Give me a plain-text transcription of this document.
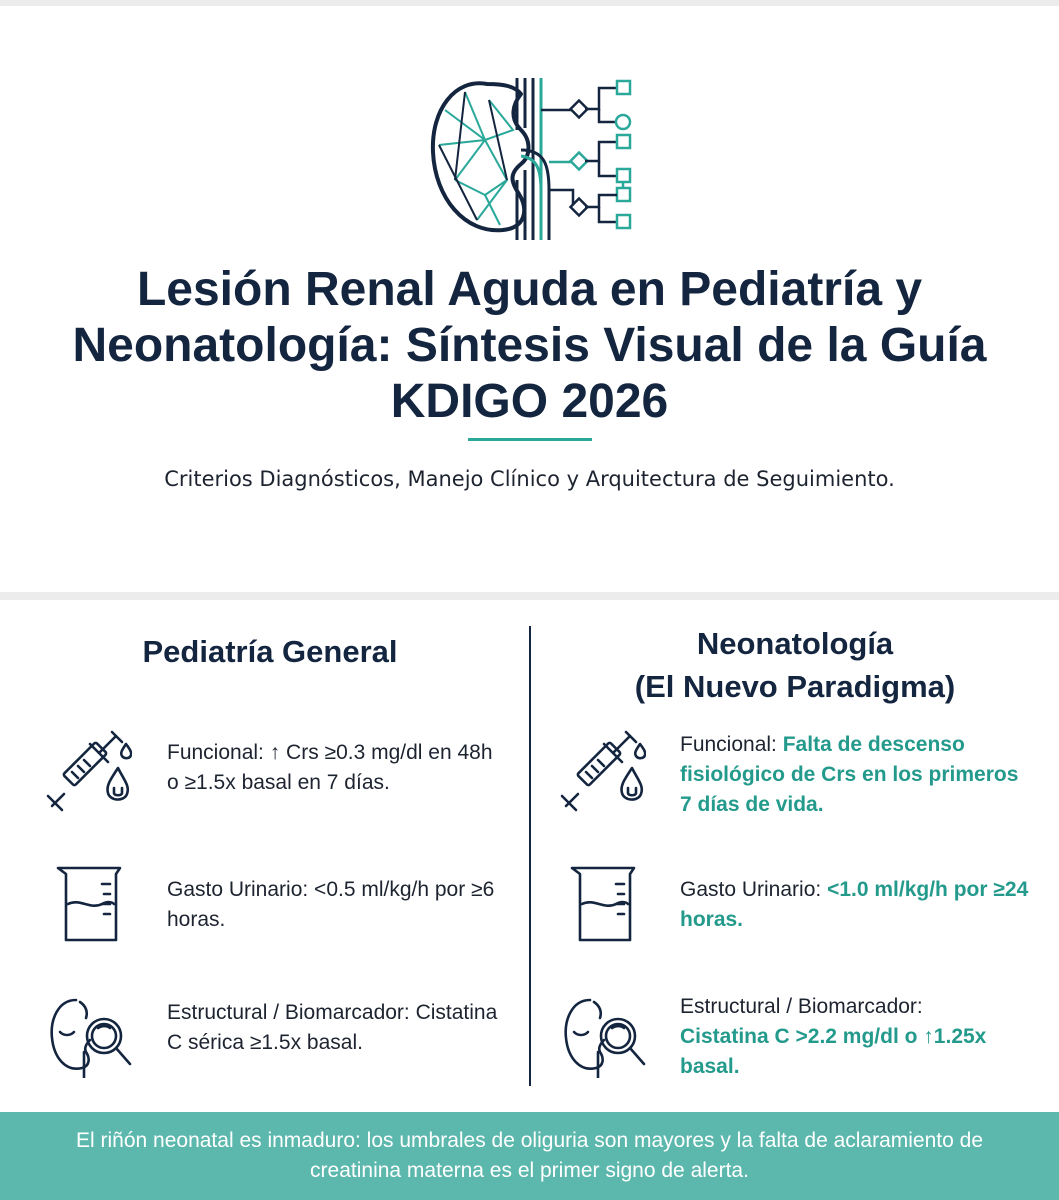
Lesión Renal Aguda en Pediatría y Neonatología: Síntesis Visual de la Guía KDIGO 2026

Criterios Diagnósticos, Manejo Clínico y Arquitectura de Seguimiento.

Pediatría General

Funcional: ↑ Crs ≥0.3 mg/dl en 48h o ≥1.5x basal en 7 días.

Gasto Urinario: <0.5 ml/kg/h por ≥6 horas.

Estructural / Biomarcador: Cistatina C sérica ≥1.5x basal.

Neonatología
(El Nuevo Paradigma)

Funcional: Falta de descenso fisiológico de Crs en los primeros 7 días de vida.

Gasto Urinario: <1.0 ml/kg/h por ≥24 horas.

Estructural / Biomarcador: Cistatina C >2.2 mg/dl o ↑1.25x basal.

El riñón neonatal es inmaduro: los umbrales de oliguria son mayores y la falta de aclaramiento de creatinina materna es el primer signo de alerta.
